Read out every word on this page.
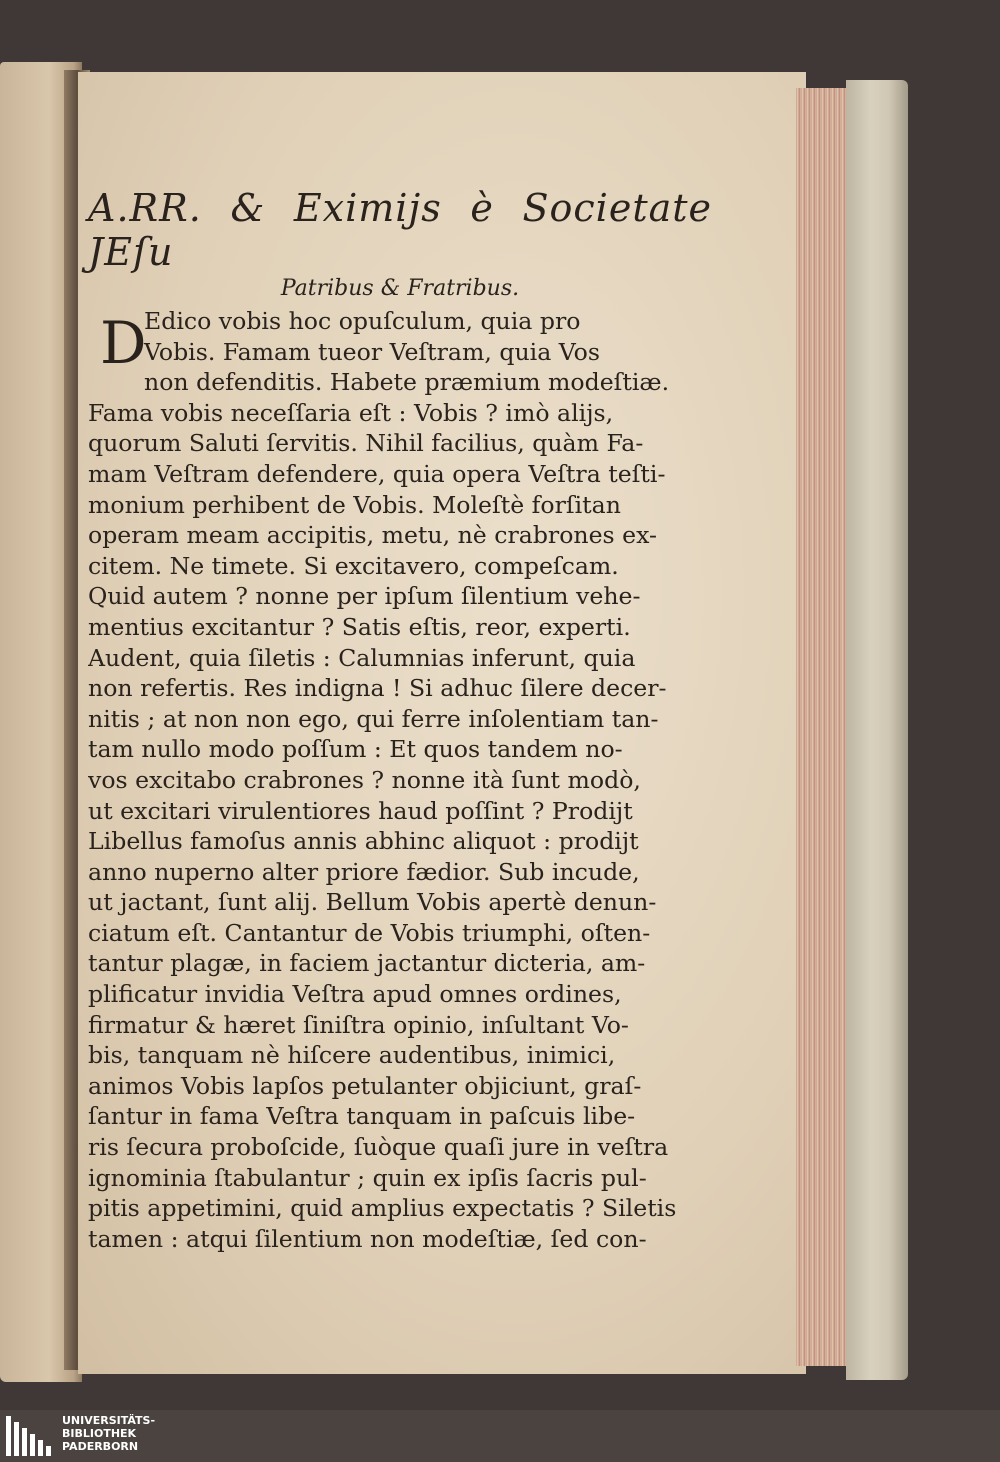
A.RR. & Eximijs è Societate JEſu
Patribus & Fratribus.
D
Edico vobis hoc opuſculum, quia pro
Vobis. Famam tueor Veſtram, quia Vos
non defenditis. Habete præmium modeſtiæ.
Fama vobis neceſſaria eſt : Vobis ? imò alijs,
quorum Saluti ſervitis. Nihil facilius, quàm Fa-
mam Veſtram defendere, quia opera Veſtra teſti-
monium perhibent de Vobis. Moleſtè forſitan
operam meam accipitis, metu, nè crabrones ex-
citem. Ne timete. Si excitavero, compeſcam.
Quid autem ? nonne per ipſum ſilentium vehe-
mentius excitantur ? Satis eſtis, reor, experti.
Audent, quia ſiletis : Calumnias inferunt, quia
non refertis. Res indigna ! Si adhuc ſilere decer-
nitis ; at non non ego, qui ferre inſolentiam tan-
tam nullo modo poſſum : Et quos tandem no-
vos excitabo crabrones ? nonne ità ſunt modò,
ut excitari virulentiores haud poſſint ? Prodijt
Libellus famoſus annis abhinc aliquot : prodijt
anno nuperno alter priore fædior. Sub incude,
ut jactant, ſunt alij. Bellum Vobis apertè denun-
ciatum eſt. Cantantur de Vobis triumphi, oſten-
tantur plagæ, in faciem jactantur dicteria, am-
plificatur invidia Veſtra apud omnes ordines,
firmatur & hæret ſiniſtra opinio, inſultant Vo-
bis, tanquam nè hiſcere audentibus, inimici,
animos Vobis lapſos petulanter objiciunt, graſ-
ſantur in fama Veſtra tanquam in paſcuis libe-
ris ſecura proboſcide, ſuòque quaſi jure in veſtra
ignominia ſtabulantur ; quin ex ipſis ſacris pul-
pitis appetimini, quid amplius expectatis ? Siletis
tamen : atqui ſilentium non modeſtiæ, ſed con-
UNIVERSITÄTS-
BIBLIOTHEK
PADERBORN
